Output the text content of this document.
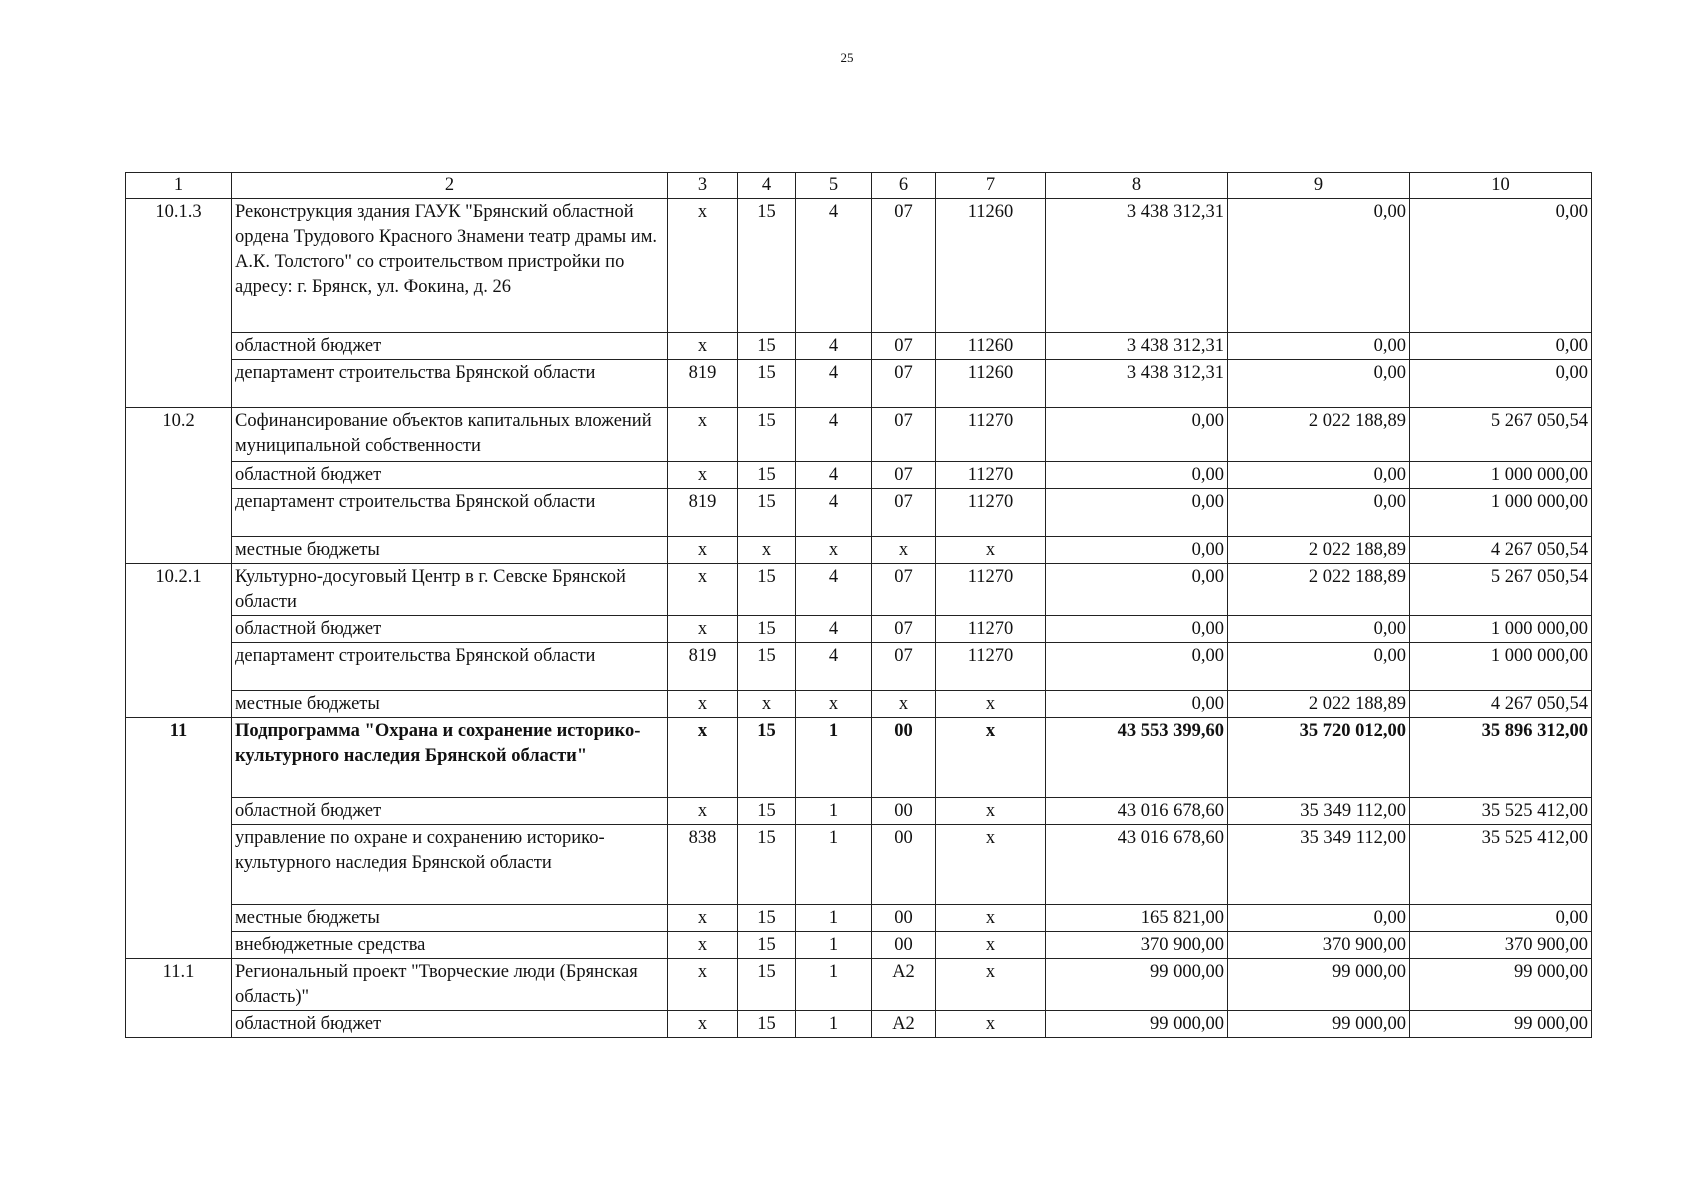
25
1	2	3	4	5	6	7	8	9	10
10.1.3	Реконструкция здания ГАУК "Брянский областной ордена Трудового Красного Знамени театр драмы им. А.К. Толстого" со строительством пристройки по адресу: г. Брянск, ул. Фокина, д. 26	х	15	4	07	11260	3 438 312,31	0,00	0,00
	областной бюджет	х	15	4	07	11260	3 438 312,31	0,00	0,00
	департамент строительства Брянской области	819	15	4	07	11260	3 438 312,31	0,00	0,00
10.2	Софинансирование объектов капитальных вложений муниципальной собственности	х	15	4	07	11270	0,00	2 022 188,89	5 267 050,54
	областной бюджет	х	15	4	07	11270	0,00	0,00	1 000 000,00
	департамент строительства Брянской области	819	15	4	07	11270	0,00	0,00	1 000 000,00
	местные бюджеты	х	х	х	х	х	0,00	2 022 188,89	4 267 050,54
10.2.1	Культурно-досуговый Центр в г. Севске Брянской области	х	15	4	07	11270	0,00	2 022 188,89	5 267 050,54
	областной бюджет	х	15	4	07	11270	0,00	0,00	1 000 000,00
	департамент строительства Брянской области	819	15	4	07	11270	0,00	0,00	1 000 000,00
	местные бюджеты	х	х	х	х	х	0,00	2 022 188,89	4 267 050,54
11	Подпрограмма "Охрана и сохранение историко-культурного наследия Брянской области"	х	15	1	00	х	43 553 399,60	35 720 012,00	35 896 312,00
	областной бюджет	х	15	1	00	х	43 016 678,60	35 349 112,00	35 525 412,00
	управление по охране и сохранению историко-культурного наследия Брянской области	838	15	1	00	х	43 016 678,60	35 349 112,00	35 525 412,00
	местные бюджеты	х	15	1	00	х	165 821,00	0,00	0,00
	внебюджетные средства	х	15	1	00	х	370 900,00	370 900,00	370 900,00
11.1	Региональный проект "Творческие люди (Брянская область)"	х	15	1	А2	х	99 000,00	99 000,00	99 000,00
	областной бюджет	х	15	1	А2	х	99 000,00	99 000,00	99 000,00
